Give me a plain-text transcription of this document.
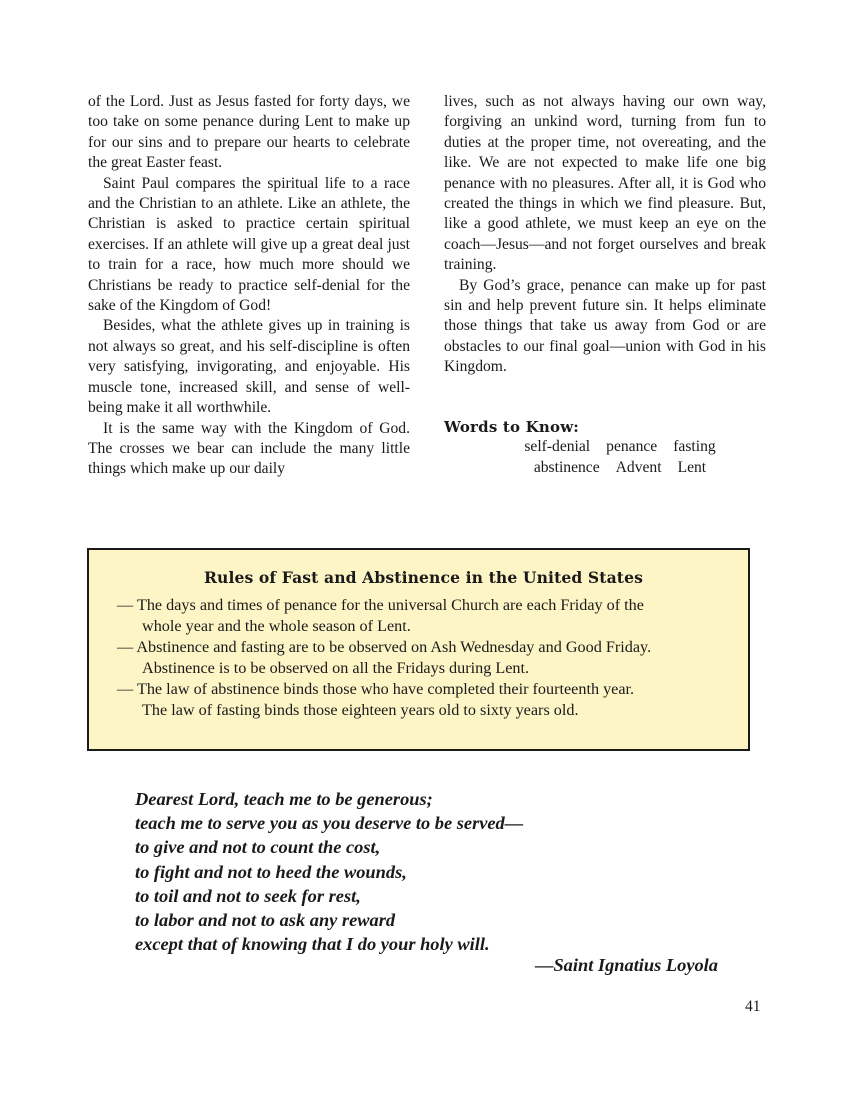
of the Lord. Just as Jesus fasted for forty days, we too take on some penance during Lent to make up for our sins and to prepare our hearts to celebrate the great Easter feast.

Saint Paul compares the spiritual life to a race and the Christian to an athlete. Like an athlete, the Christian is asked to practice certain spiritual exercises. If an athlete will give up a great deal just to train for a race, how much more should we Christians be ready to practice self-denial for the sake of the Kingdom of God!

Besides, what the athlete gives up in training is not always so great, and his self-discipline is often very satisfying, invigorating, and enjoyable. His muscle tone, increased skill, and sense of well-being make it all worthwhile.

It is the same way with the Kingdom of God. The crosses we bear can include the many little things which make up our daily

lives, such as not always having our own way, forgiving an unkind word, turning from fun to duties at the proper time, not overeating, and the like. We are not expected to make life one big penance with no pleasures. After all, it is God who created the things in which we find pleasure. But, like a good athlete, we must keep an eye on the coach—Jesus—and not forget ourselves and break training.

By God’s grace, penance can make up for past sin and help prevent future sin. It helps eliminate those things that take us away from God or are obstacles to our final goal—union with God in his Kingdom.

Words to Know:
self-denial penance fasting
abstinence Advent Lent
Rules of Fast and Abstinence in the United States
— The days and times of penance for the universal Church are each Friday of the
whole year and the whole season of Lent.
— Abstinence and fasting are to be observed on Ash Wednesday and Good Friday.
Abstinence is to be observed on all the Fridays during Lent.
— The law of abstinence binds those who have completed their fourteenth year.
The law of fasting binds those eighteen years old to sixty years old.
Dearest Lord, teach me to be generous;
teach me to serve you as you deserve to be served—
to give and not to count the cost,
to fight and not to heed the wounds,
to toil and not to seek for rest,
to labor and not to ask any reward
except that of knowing that I do your holy will.
—Saint Ignatius Loyola
41
